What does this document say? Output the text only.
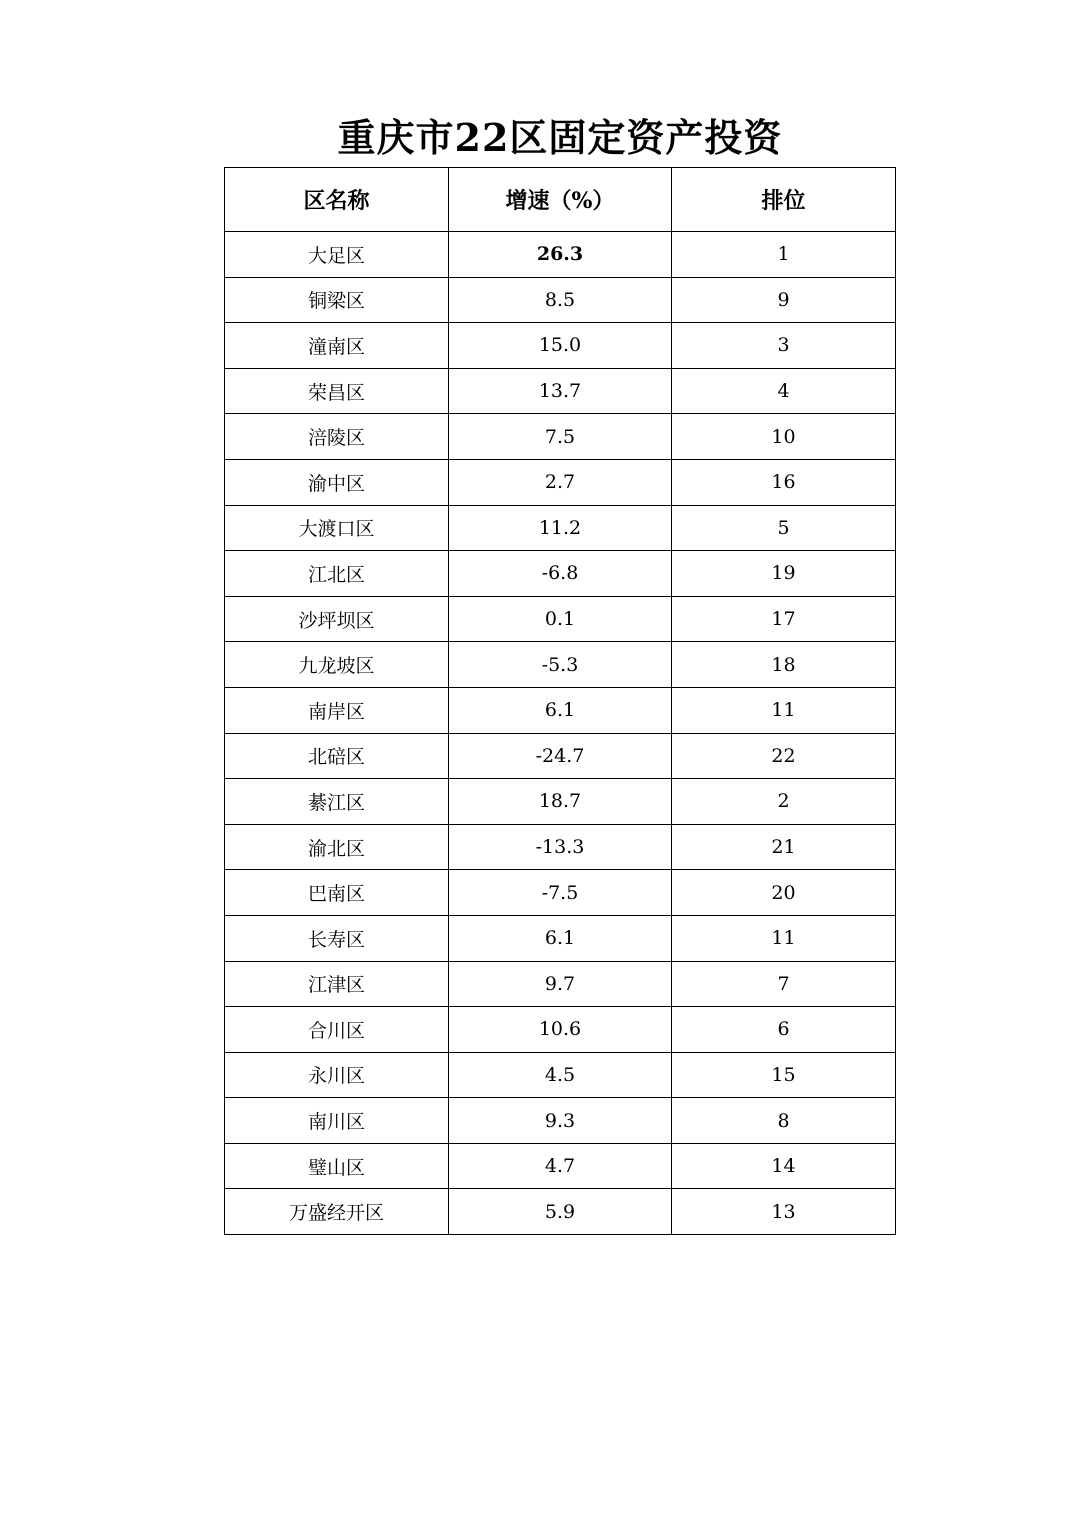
重庆市22区固定资产投资
区名称	增速（%）	排位
大足区	26.3	1
铜梁区	8.5	9
潼南区	15.0	3
荣昌区	13.7	4
涪陵区	7.5	10
渝中区	2.7	16
大渡口区	11.2	5
江北区	-6.8	19
沙坪坝区	0.1	17
九龙坡区	-5.3	18
南岸区	6.1	11
北碚区	-24.7	22
綦江区	18.7	2
渝北区	-13.3	21
巴南区	-7.5	20
长寿区	6.1	11
江津区	9.7	7
合川区	10.6	6
永川区	4.5	15
南川区	9.3	8
璧山区	4.7	14
万盛经开区	5.9	13
